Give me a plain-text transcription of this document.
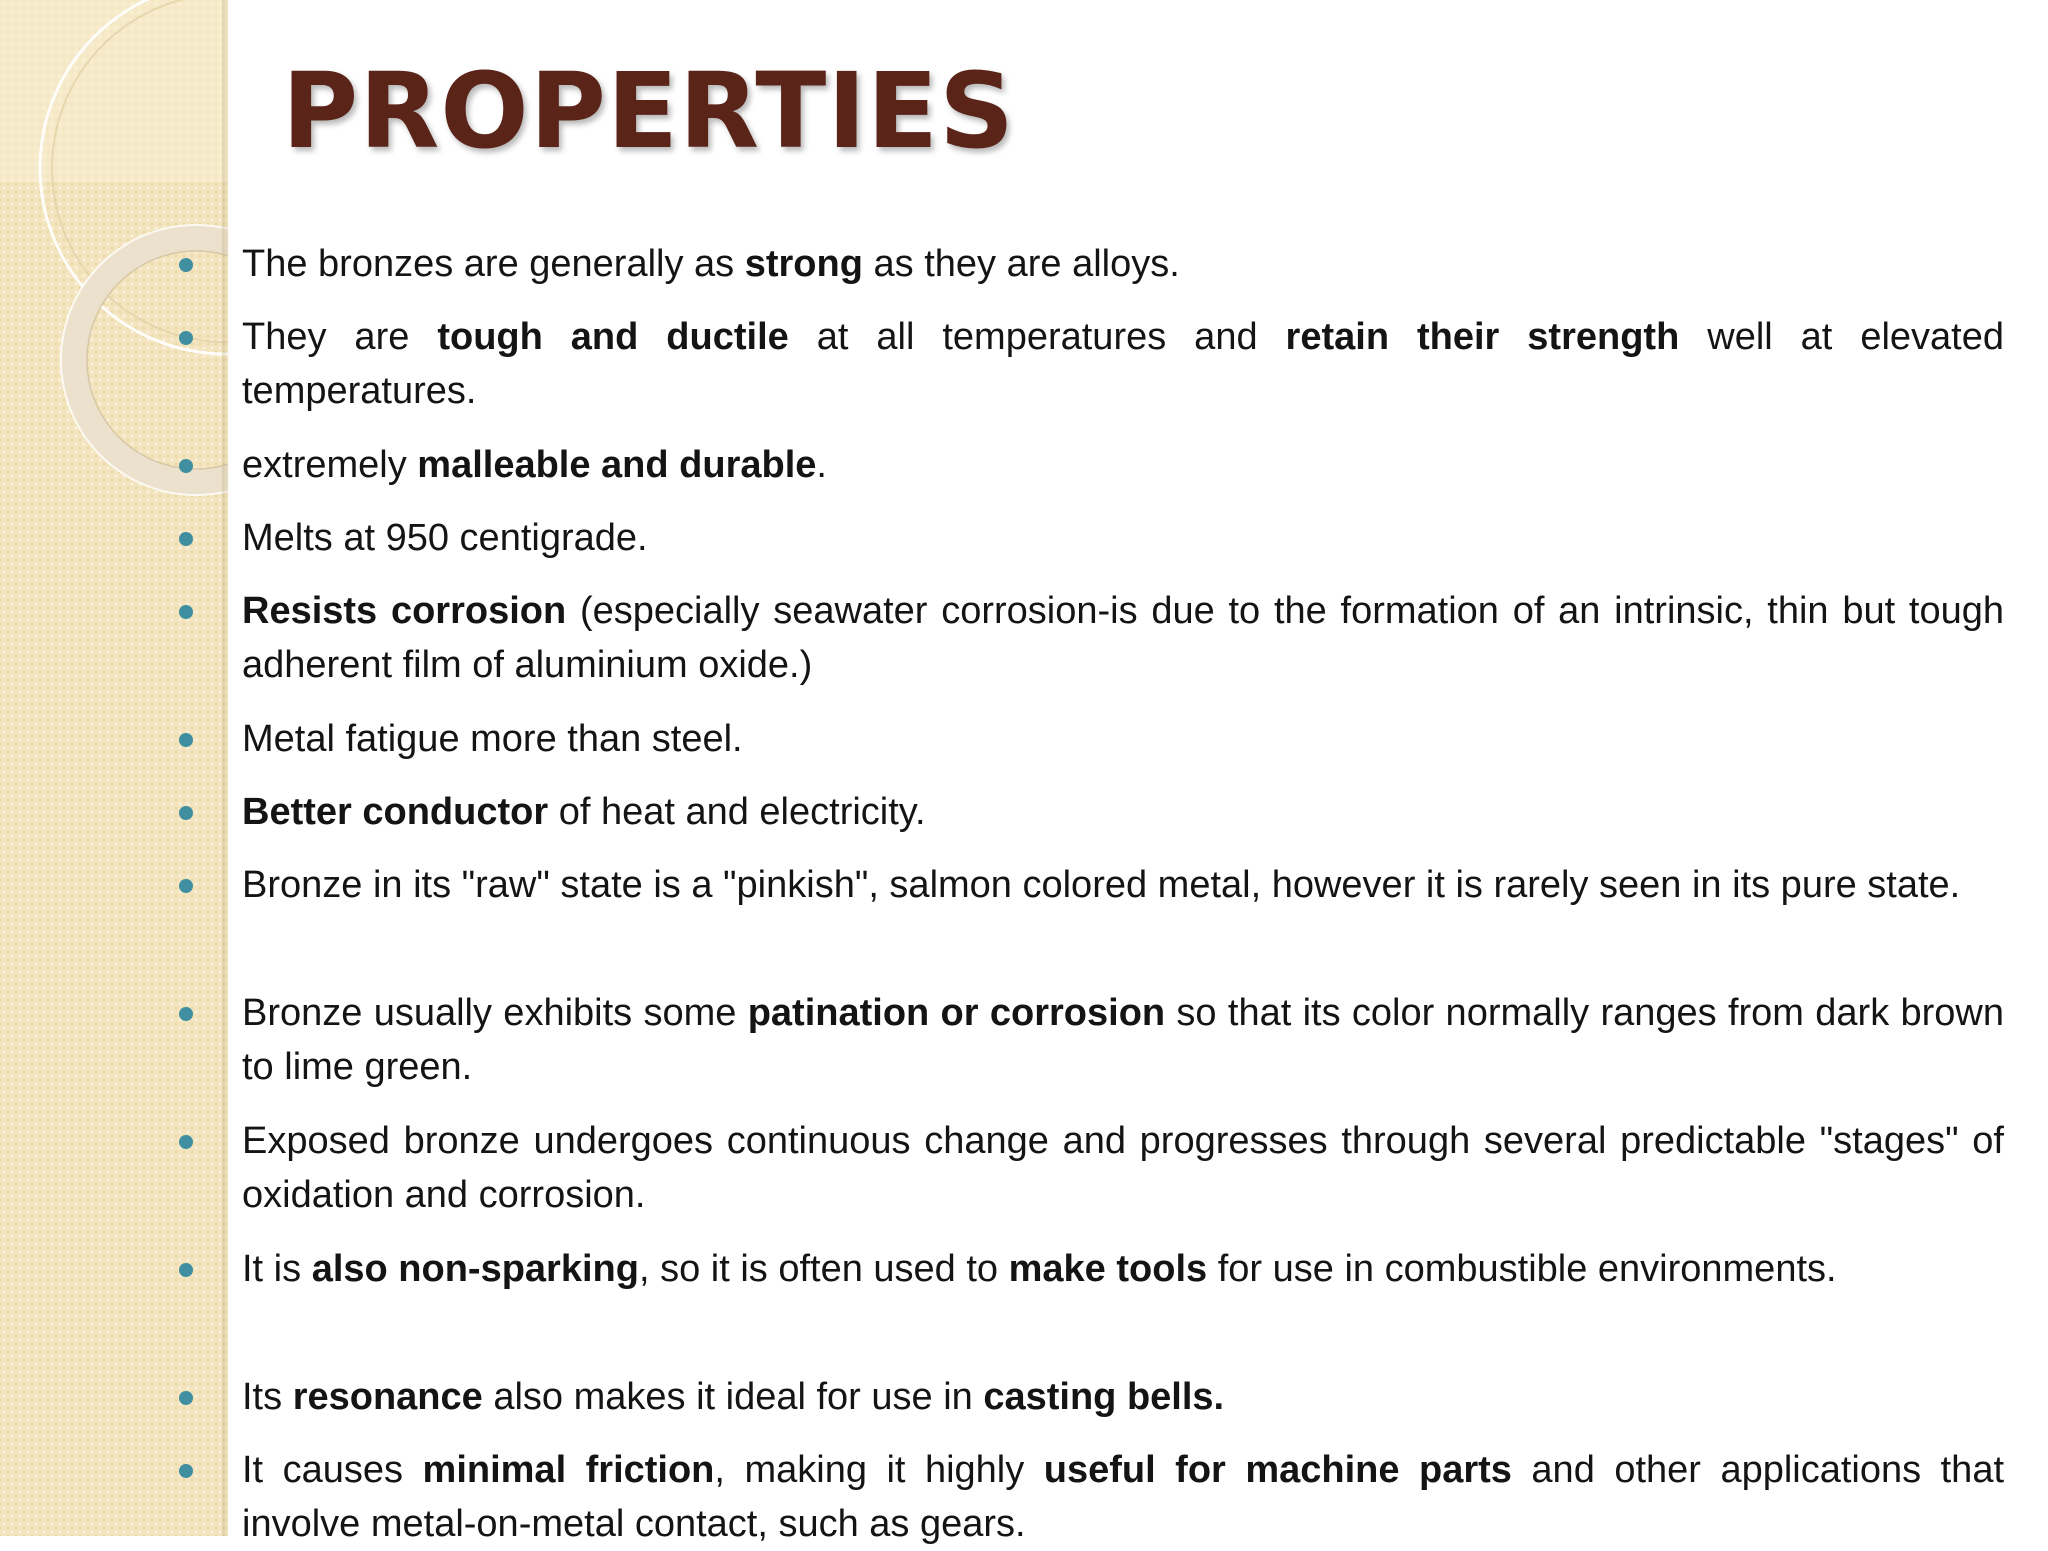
PROPERTIES
The bronzes are generally as strong as they are alloys.
They are tough and ductile at all temperatures and retain their strength well at elevated temperatures.
extremely malleable and durable.
Melts at 950 centigrade.
Resists corrosion (especially seawater corrosion-is due to the formation of an intrinsic, thin but tough adherent film of aluminium oxide.)
Metal fatigue more than steel.
Better conductor of heat and electricity.
Bronze in its "raw" state is a "pinkish", salmon colored metal, however it is rarely seen in its pure state.
Bronze usually exhibits some patination or corrosion so that its color normally ranges from dark brown to lime green.
Exposed bronze undergoes continuous change and progresses through several predictable "stages" of oxidation and corrosion.
It is also non-sparking, so it is often used to make tools for use in combustible environments.
Its resonance also makes it ideal for use in casting bells.
It causes minimal friction, making it highly useful for machine parts and other applications that involve metal-on-metal contact, such as gears.
